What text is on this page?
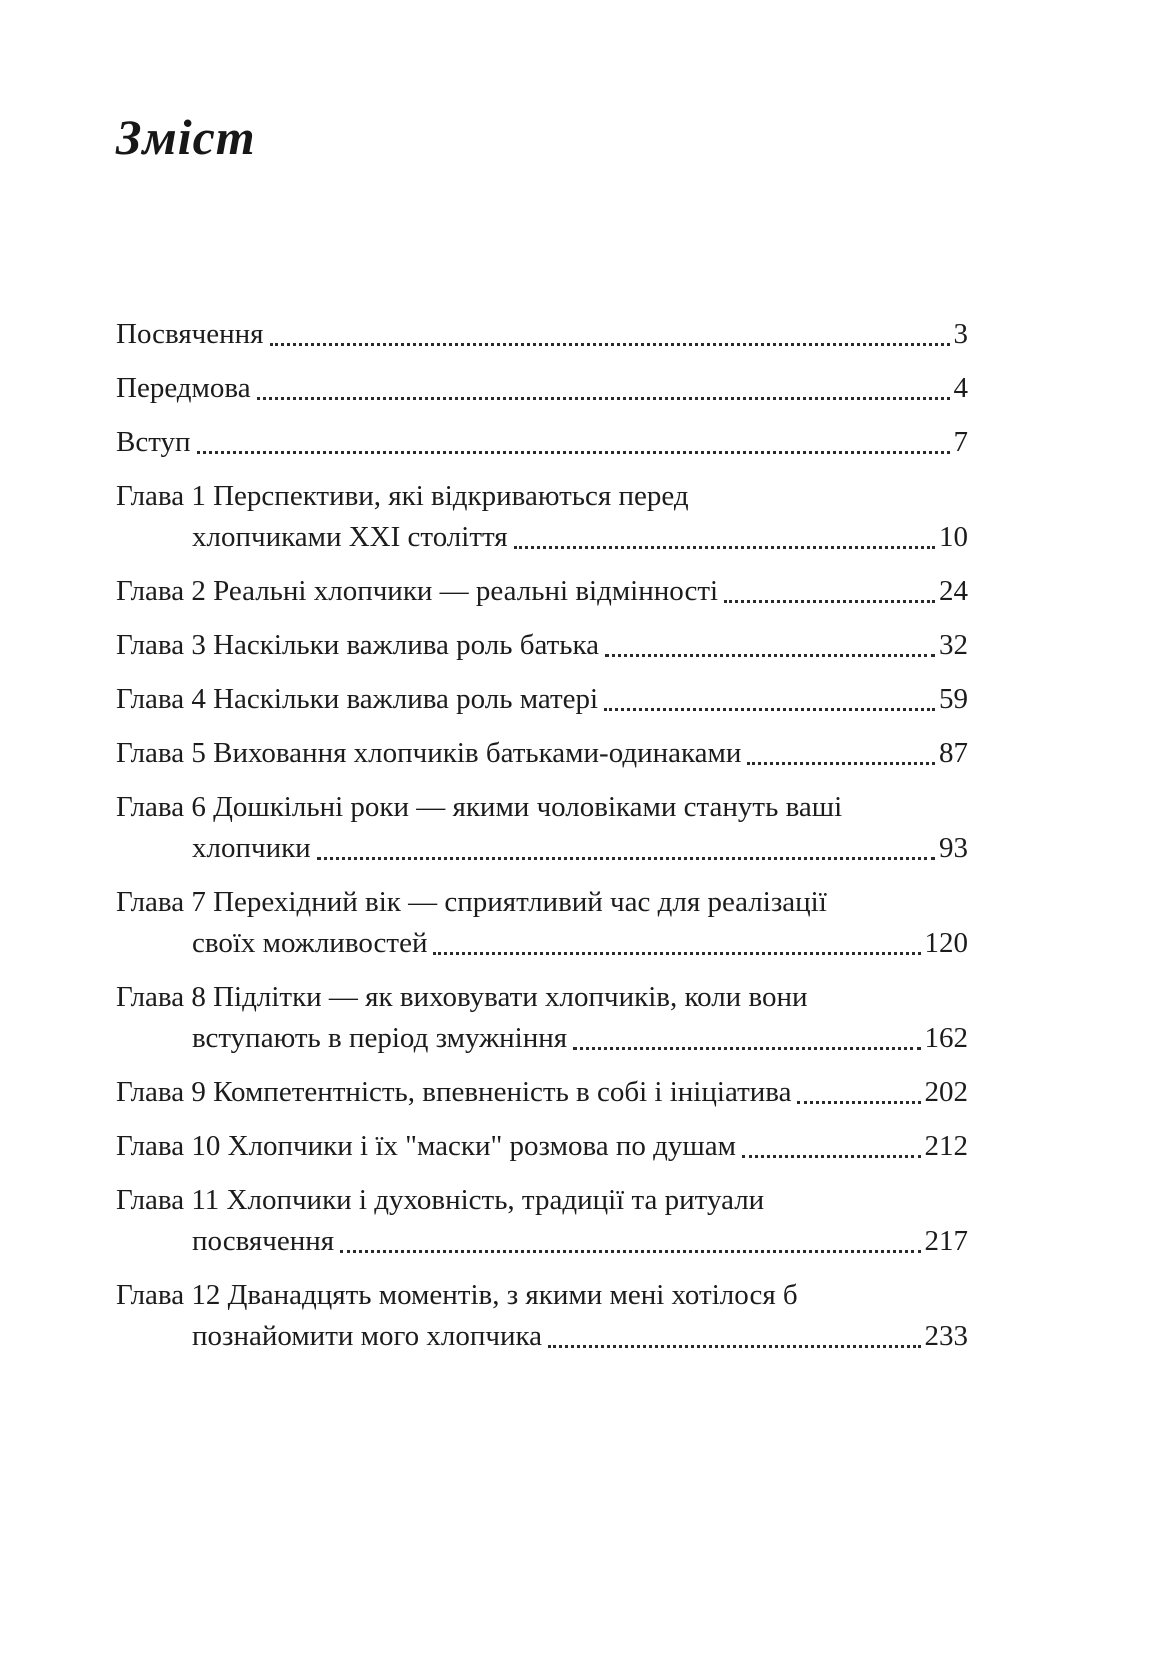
Зміст
Посвячення	3
Передмова	4
Вступ	7
Глава 1 Перспективи, які відкриваються перед
хлопчиками XXI століття	10
Глава 2 Реальні хлопчики — реальні відмінності	24
Глава 3 Наскільки важлива роль батька	32
Глава 4 Наскільки важлива роль матері	59
Глава 5 Виховання хлопчиків батьками-одинаками	87
Глава 6 Дошкільні роки — якими чоловіками стануть ваші
хлопчики	93
Глава 7 Перехідний вік — сприятливий час для реалізації
своїх можливостей	120
Глава 8 Підлітки — як виховувати хлопчиків, коли вони
вступають в період змужніння	162
Глава 9 Компетентність, впевненість в собі і ініціатива	202
Глава 10 Хлопчики і їх "маски" розмова по душам	212
Глава 11 Хлопчики і духовність, традиції та ритуали
посвячення	217
Глава 12 Дванадцять моментів, з якими мені хотілося б
познайомити мого хлопчика	233
